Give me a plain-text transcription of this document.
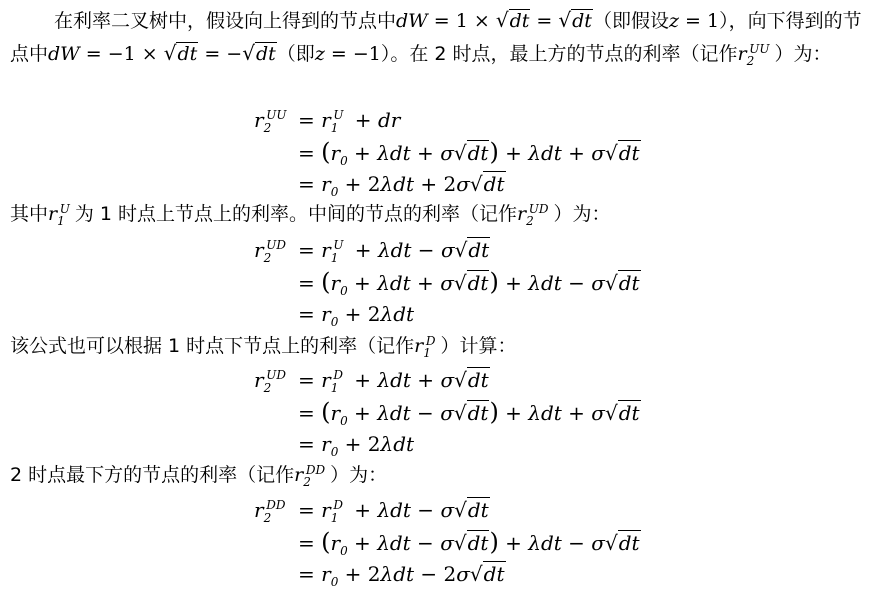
在利率二叉树中，假设向上得到的节点中dW = 1 × √dt = √dt（即假设z = 1），向下得到的节点中dW = −1 × √dt = −√dt（即z = −1）。在 2 时点，最上方的节点的利率（记作$r_2^{UU}$ ）为：
$r_2^{UU} = r_1^U$ + dr
= $(r_0 + \lambda dt + \sigma√dt) + \lambda dt + \sigma√dt$
= $r_0 + 2\lambda dt + 2\sigma√dt$
其中$r_1^U$ 为 1 时点上节点上的利率。中间的节点的利率（记作$r_2^{UD}$ ）为：
$r_2^{UD} = r_1^U + \lambda dt - \sigma√dt$
= $(r_0 + \lambda dt + \sigma√dt) + \lambda dt - \sigma√dt$
= $r_0 + 2\lambda dt$
该公式也可以根据 1 时点下节点上的利率（记作$r_1^D$ ）计算：
$r_2^{UD} = r_1^D + \lambda dt + \sigma√dt$
= $(r_0 + \lambda dt - \sigma√dt) + \lambda dt + \sigma√dt$
= $r_0 + 2\lambda dt$
2 时点最下方的节点的利率（记作$r_2^{DD}$ ）为：
$r_2^{DD} = r_1^D + \lambda dt - \sigma√dt$
= $(r_0 + \lambda dt - \sigma√dt) + \lambda dt - \sigma√dt$
= $r_0 + 2\lambda dt - 2\sigma√dt$
